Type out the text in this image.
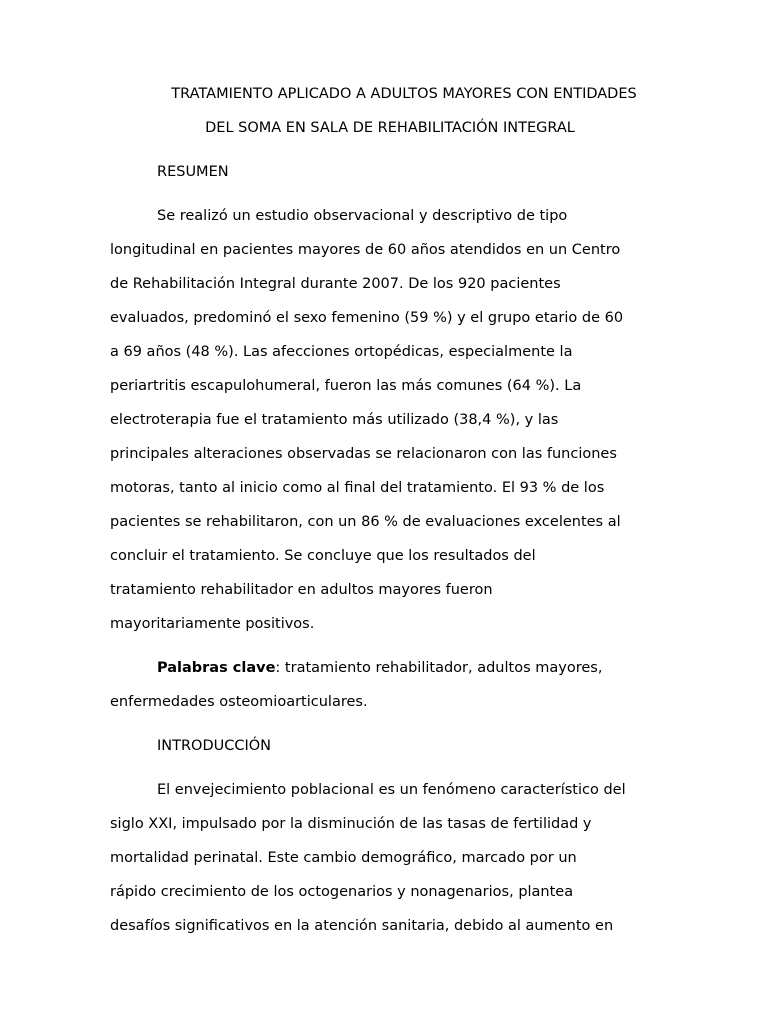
TRATAMIENTO APLICADO A ADULTOS MAYORES CON ENTIDADES
DEL SOMA EN SALA DE REHABILITACIÓN INTEGRAL
RESUMEN
Se realizó un estudio observacional y descriptivo de tipo
longitudinal en pacientes mayores de 60 años atendidos en un Centro
de Rehabilitación Integral durante 2007. De los 920 pacientes
evaluados, predominó el sexo femenino (59 %) y el grupo etario de 60
a 69 años (48 %). Las afecciones ortopédicas, especialmente la
periartritis escapulohumeral, fueron las más comunes (64 %). La
electroterapia fue el tratamiento más utilizado (38,4 %), y las
principales alteraciones observadas se relacionaron con las funciones
motoras, tanto al inicio como al final del tratamiento. El 93 % de los
pacientes se rehabilitaron, con un 86 % de evaluaciones excelentes al
concluir el tratamiento. Se concluye que los resultados del
tratamiento rehabilitador en adultos mayores fueron
mayoritariamente positivos.
Palabras clave: tratamiento rehabilitador, adultos mayores,
enfermedades osteomioarticulares.
INTRODUCCIÓN
El envejecimiento poblacional es un fenómeno característico del
siglo XXI, impulsado por la disminución de las tasas de fertilidad y
mortalidad perinatal. Este cambio demográfico, marcado por un
rápido crecimiento de los octogenarios y nonagenarios, plantea
desafíos significativos en la atención sanitaria, debido al aumento en
